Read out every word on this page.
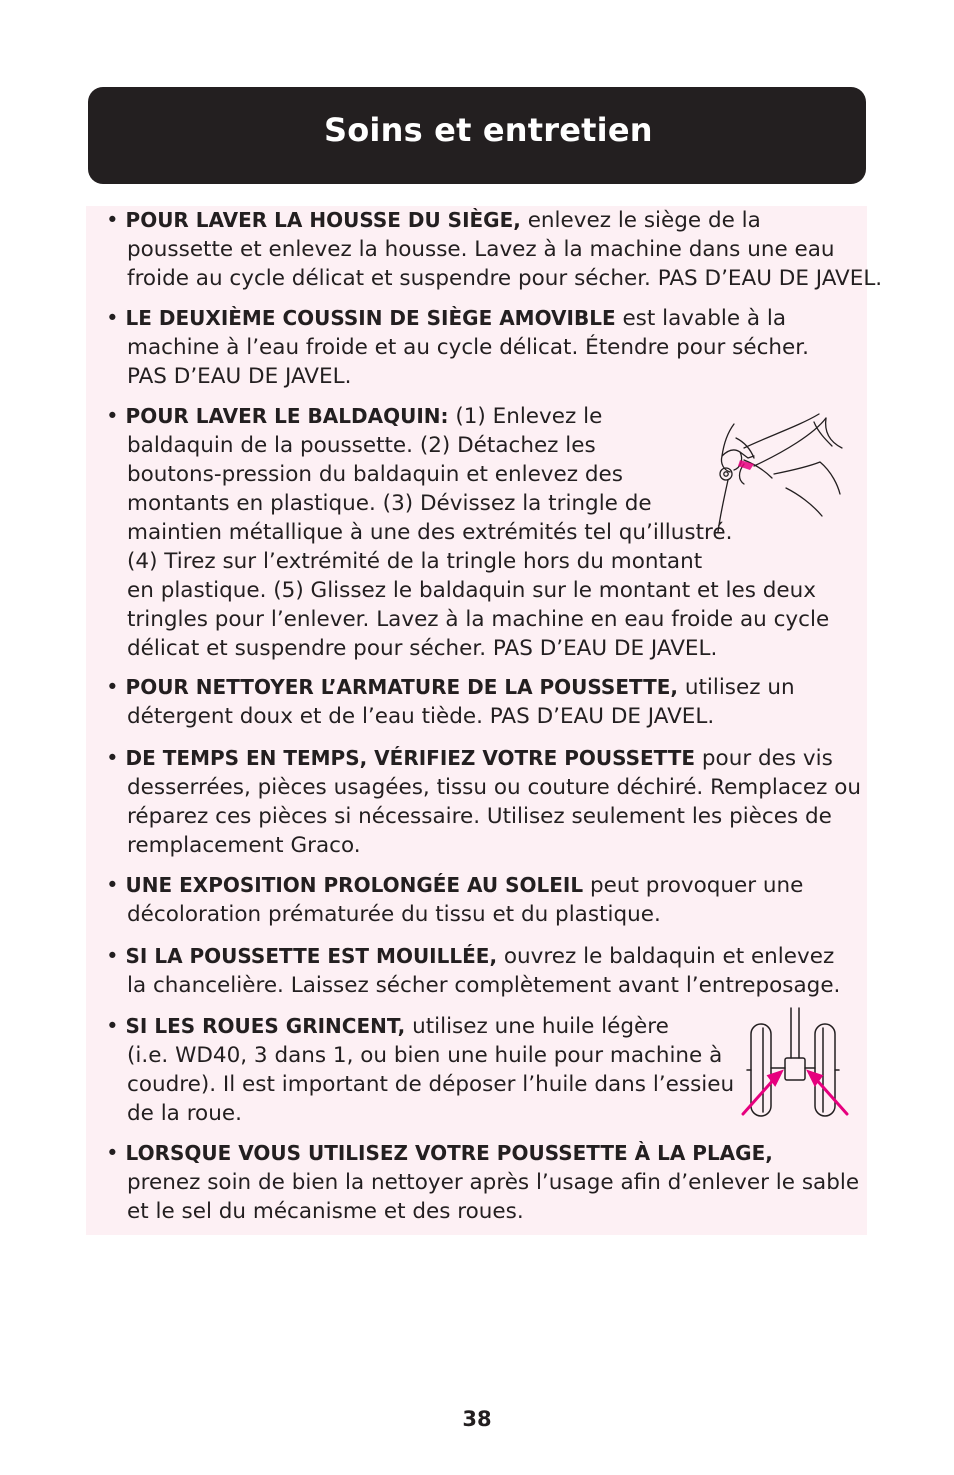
Soins et entretien
• POUR LAVER LA HOUSSE DU SIÈGE, enlevez le siège de la
poussette et enlevez la housse. Lavez à la machine dans une eau
froide au cycle délicat et suspendre pour sécher. PAS D’EAU DE JAVEL.
• LE DEUXIÈME COUSSIN DE SIÈGE AMOVIBLE est lavable à la
machine à l’eau froide et au cycle délicat. Étendre pour sécher.
PAS D’EAU DE JAVEL.
• POUR LAVER LE BALDAQUIN: (1) Enlevez le
baldaquin de la poussette. (2) Détachez les
boutons-pression du baldaquin et enlevez des
montants en plastique. (3) Dévissez la tringle de
maintien métallique à une des extrémités tel qu’illustré.
(4) Tirez sur l’extrémité de la tringle hors du montant
en plastique. (5) Glissez le baldaquin sur le montant et les deux
tringles pour l’enlever. Lavez à la machine en eau froide au cycle
délicat et suspendre pour sécher. PAS D’EAU DE JAVEL.
• POUR NETTOYER L’ARMATURE DE LA POUSSETTE, utilisez un
détergent doux et de l’eau tiède. PAS D’EAU DE JAVEL.
• DE TEMPS EN TEMPS, VÉRIFIEZ VOTRE POUSSETTE pour des vis
desserrées, pièces usagées, tissu ou couture déchiré. Remplacez ou
réparez ces pièces si nécessaire. Utilisez seulement les pièces de
remplacement Graco.
• UNE EXPOSITION PROLONGÉE AU SOLEIL peut provoquer une
décoloration prématurée du tissu et du plastique.
• SI LA POUSSETTE EST MOUILLÉE, ouvrez le baldaquin et enlevez
la chancelière. Laissez sécher complètement avant l’entreposage.
• SI LES ROUES GRINCENT, utilisez une huile légère
(i.e. WD40, 3 dans 1, ou bien une huile pour machine à
coudre). Il est important de déposer l’huile dans l’essieu
de la roue.
• LORSQUE VOUS UTILISEZ VOTRE POUSSETTE À LA PLAGE,
prenez soin de bien la nettoyer après l’usage afin d’enlever le sable
et le sel du mécanisme et des roues.
38
